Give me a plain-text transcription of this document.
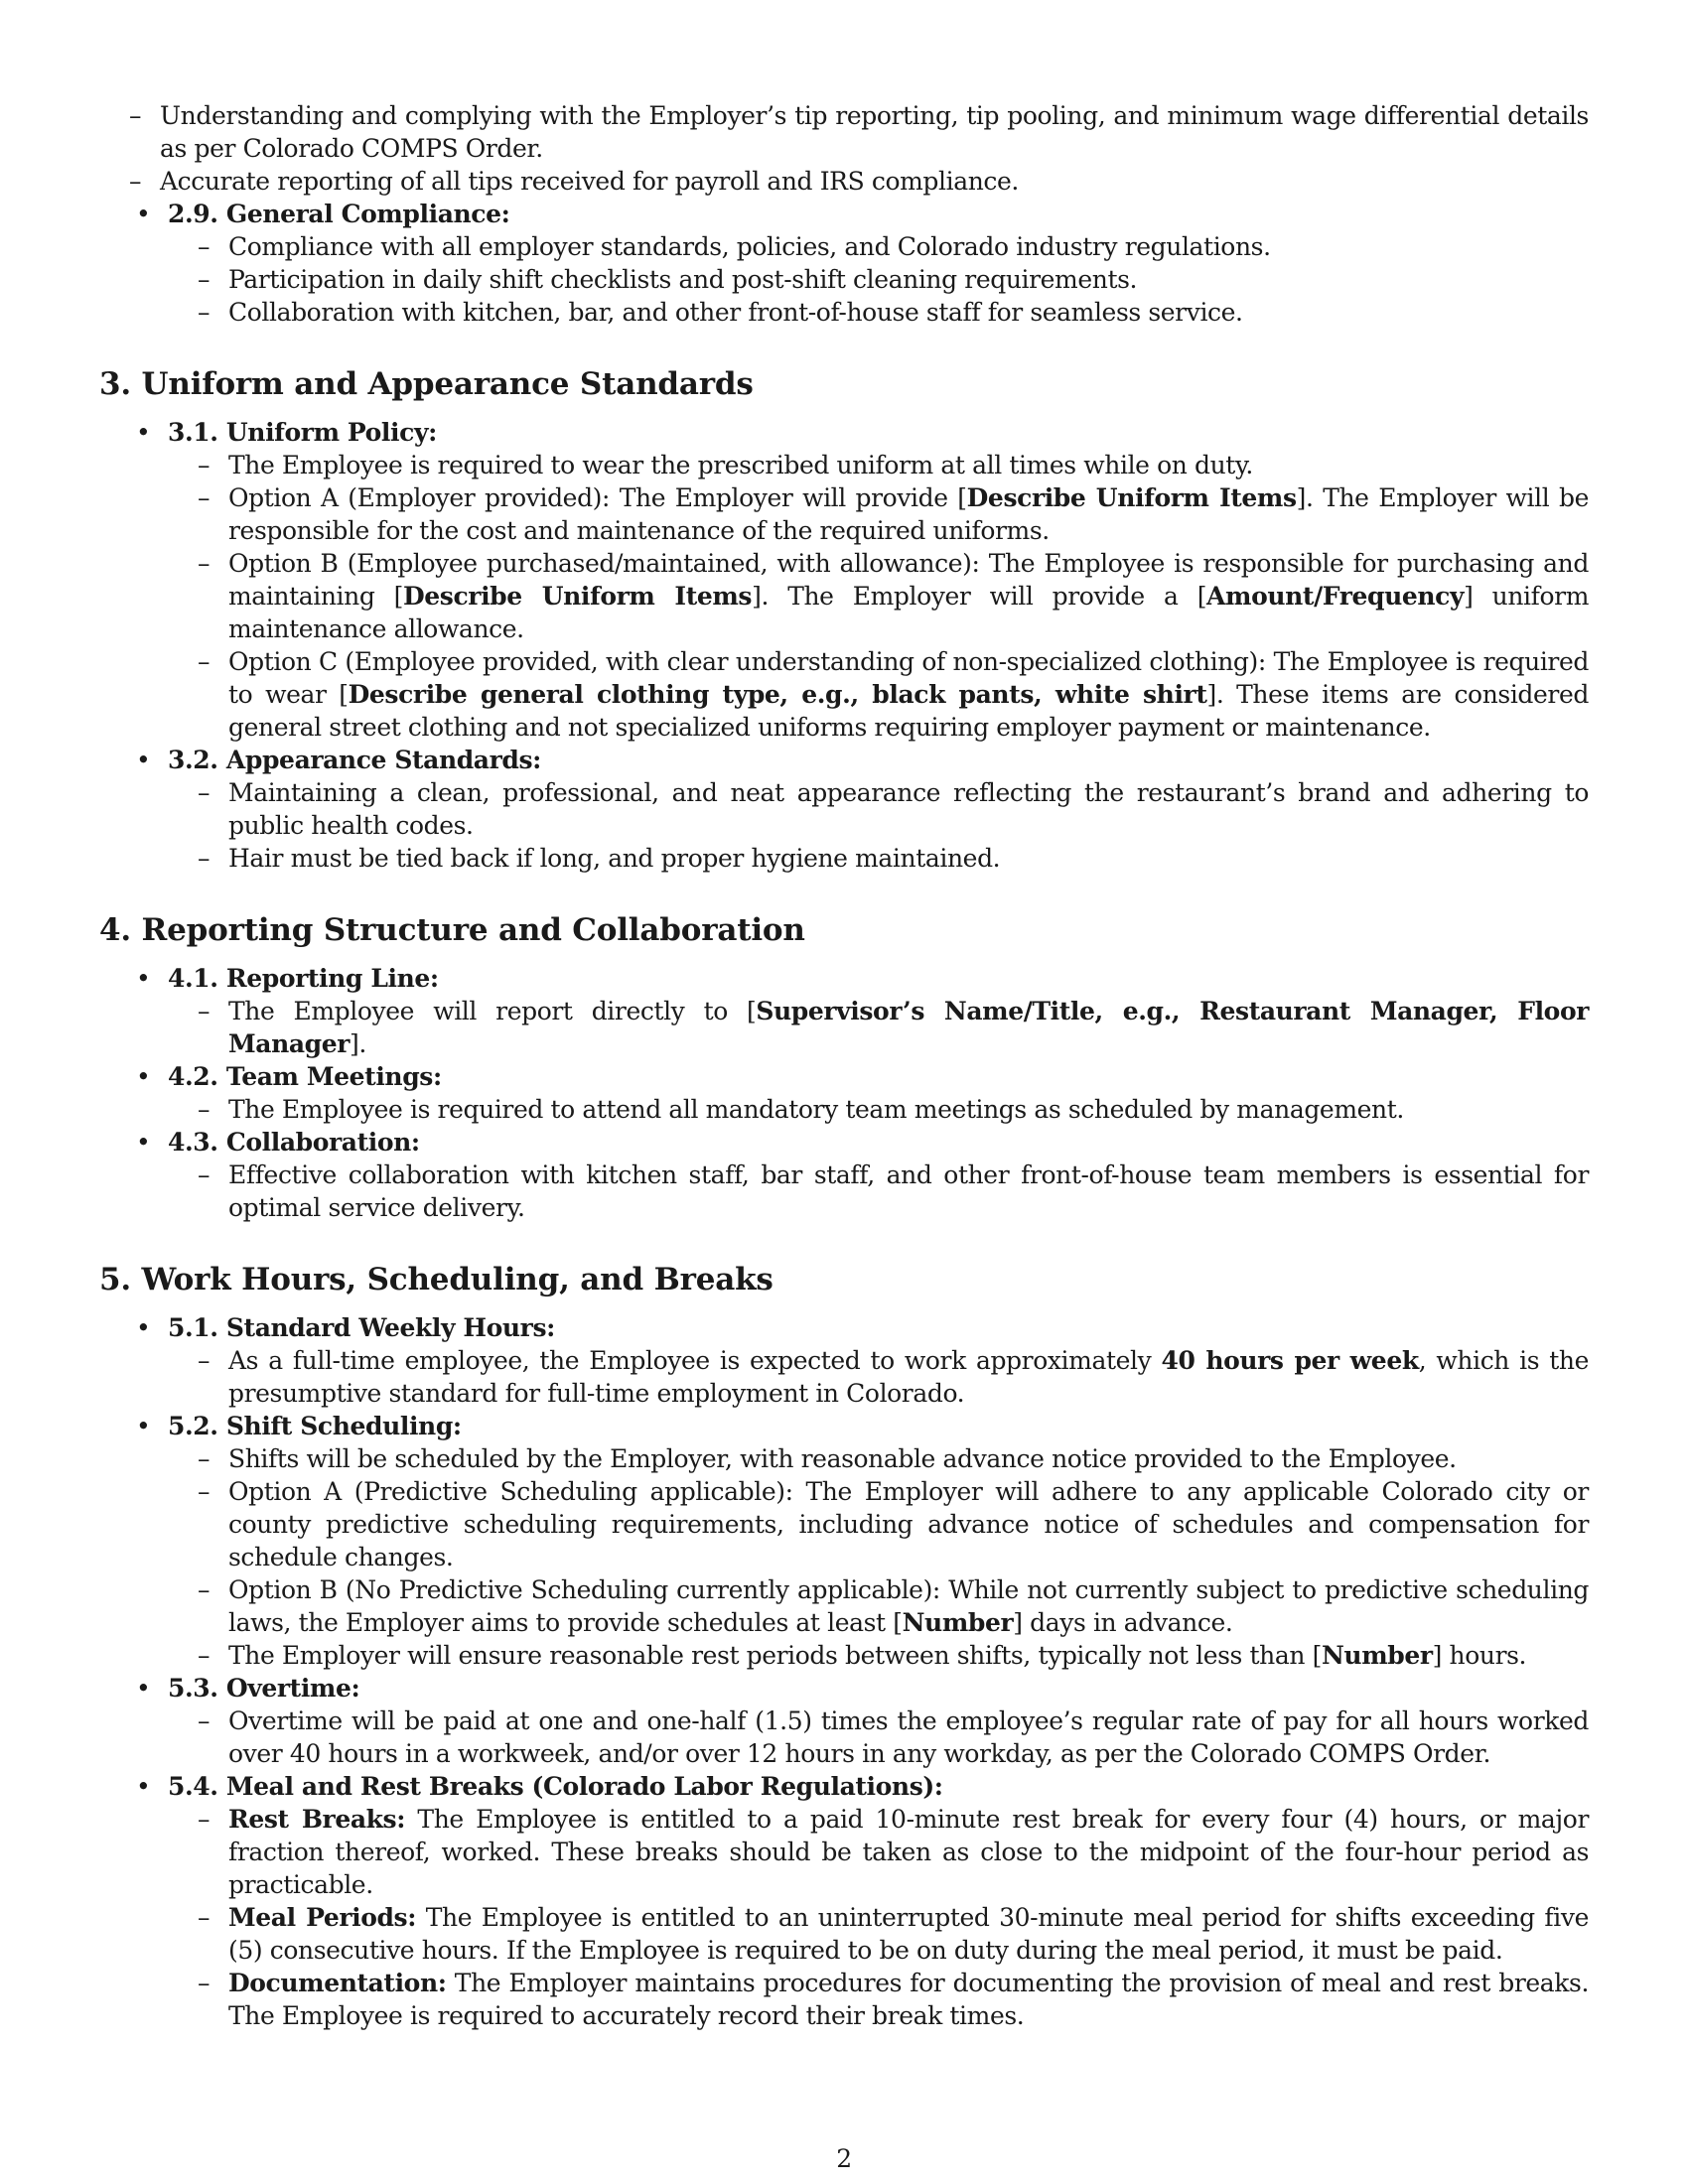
– Understanding and complying with the Employer’s tip reporting, tip pooling, and minimum wage differential details as per Colorado COMPS Order.
– Accurate reporting of all tips received for payroll and IRS compliance.
• 2.9. General Compliance:
– Compliance with all employer standards, policies, and Colorado industry regulations.
– Participation in daily shift checklists and post-shift cleaning requirements.
– Collaboration with kitchen, bar, and other front-of-house staff for seamless service.
3. Uniform and Appearance Standards
• 3.1. Uniform Policy:
– The Employee is required to wear the prescribed uniform at all times while on duty.
– Option A (Employer provided): The Employer will provide [Describe Uniform Items]. The Employer will be responsible for the cost and maintenance of the required uniforms.
– Option B (Employee purchased/maintained, with allowance): The Employee is responsible for purchasing and maintaining [Describe Uniform Items]. The Employer will provide a [Amount/Frequency] uniform maintenance allowance.
– Option C (Employee provided, with clear understanding of non-specialized clothing): The Employee is required to wear [Describe general clothing type, e.g., black pants, white shirt]. These items are considered general street clothing and not specialized uniforms requiring employer payment or maintenance.
• 3.2. Appearance Standards:
– Maintaining a clean, professional, and neat appearance reflecting the restaurant’s brand and adhering to public health codes.
– Hair must be tied back if long, and proper hygiene maintained.
4. Reporting Structure and Collaboration
• 4.1. Reporting Line:
– The Employee will report directly to [Supervisor’s Name/Title, e.g., Restaurant Manager, Floor Manager].
• 4.2. Team Meetings:
– The Employee is required to attend all mandatory team meetings as scheduled by management.
• 4.3. Collaboration:
– Effective collaboration with kitchen staff, bar staff, and other front-of-house team members is essential for optimal service delivery.
5. Work Hours, Scheduling, and Breaks
• 5.1. Standard Weekly Hours:
– As a full-time employee, the Employee is expected to work approximately 40 hours per week, which is the presumptive standard for full-time employment in Colorado.
• 5.2. Shift Scheduling:
– Shifts will be scheduled by the Employer, with reasonable advance notice provided to the Employee.
– Option A (Predictive Scheduling applicable): The Employer will adhere to any applicable Colorado city or county predictive scheduling requirements, including advance notice of schedules and compensation for schedule changes.
– Option B (No Predictive Scheduling currently applicable): While not currently subject to predictive scheduling laws, the Employer aims to provide schedules at least [Number] days in advance.
– The Employer will ensure reasonable rest periods between shifts, typically not less than [Number] hours.
• 5.3. Overtime:
– Overtime will be paid at one and one-half (1.5) times the employee’s regular rate of pay for all hours worked over 40 hours in a workweek, and/or over 12 hours in any workday, as per the Colorado COMPS Order.
• 5.4. Meal and Rest Breaks (Colorado Labor Regulations):
– Rest Breaks: The Employee is entitled to a paid 10-minute rest break for every four (4) hours, or major fraction thereof, worked. These breaks should be taken as close to the midpoint of the four-hour period as practicable.
– Meal Periods: The Employee is entitled to an uninterrupted 30-minute meal period for shifts exceeding five (5) consecutive hours. If the Employee is required to be on duty during the meal period, it must be paid.
– Documentation: The Employer maintains procedures for documenting the provision of meal and rest breaks. The Employee is required to accurately record their break times.
2
